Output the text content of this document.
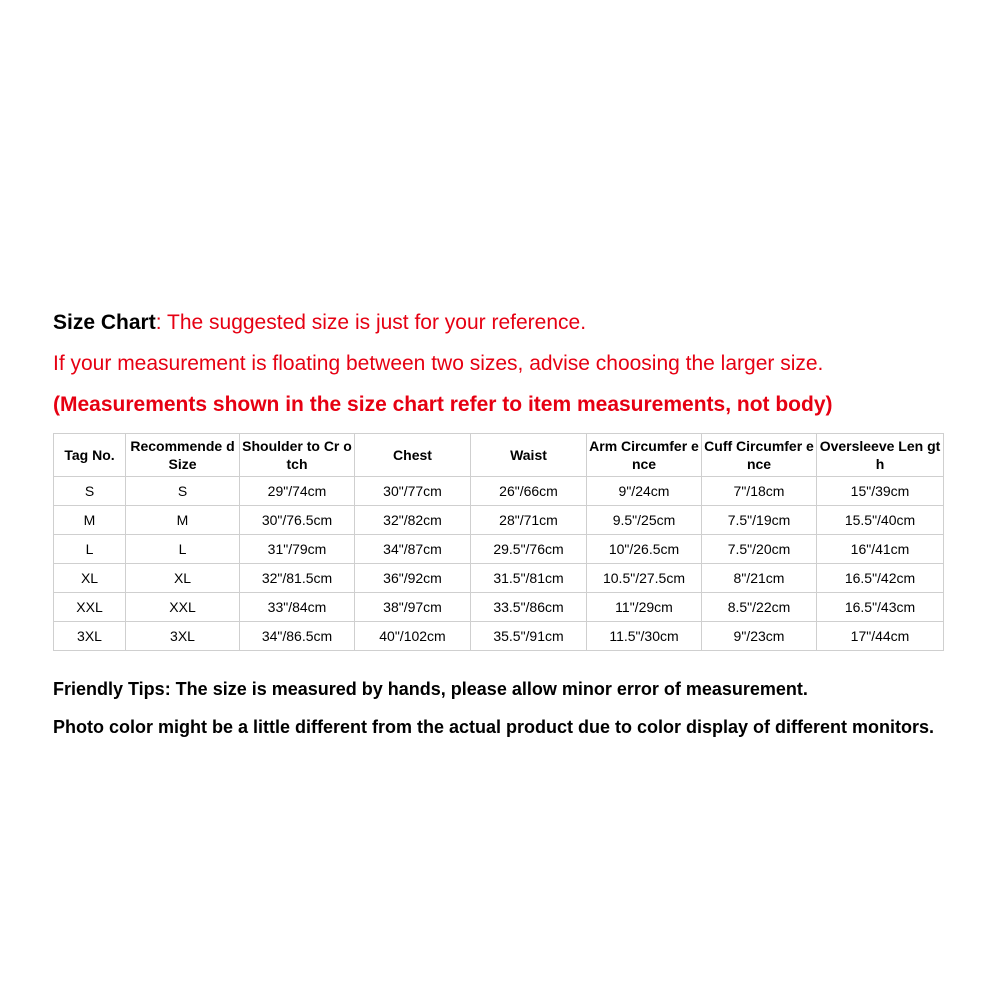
Size Chart: The suggested size is just for your reference.
If your measurement is floating between two sizes, advise choosing the larger size.
(Measurements shown in the size chart refer to item measurements, not body)
Tag No.	Recommende d Size	Shoulder to Cr otch	Chest	Waist	Arm Circumfer ence	Cuff Circumfer ence	Oversleeve Len gth
S	S	29"/74cm	30"/77cm	26"/66cm	9"/24cm	7"/18cm	15"/39cm
M	M	30"/76.5cm	32"/82cm	28"/71cm	9.5"/25cm	7.5"/19cm	15.5"/40cm
L	L	31"/79cm	34"/87cm	29.5"/76cm	10"/26.5cm	7.5"/20cm	16"/41cm
XL	XL	32"/81.5cm	36"/92cm	31.5"/81cm	10.5"/27.5cm	8"/21cm	16.5"/42cm
XXL	XXL	33"/84cm	38"/97cm	33.5"/86cm	11"/29cm	8.5"/22cm	16.5"/43cm
3XL	3XL	34"/86.5cm	40"/102cm	35.5"/91cm	11.5"/30cm	9"/23cm	17"/44cm

Friendly Tips: The size is measured by hands, please allow minor error of measurement.

Photo color might be a little different from the actual product due to color display of different monitors.
